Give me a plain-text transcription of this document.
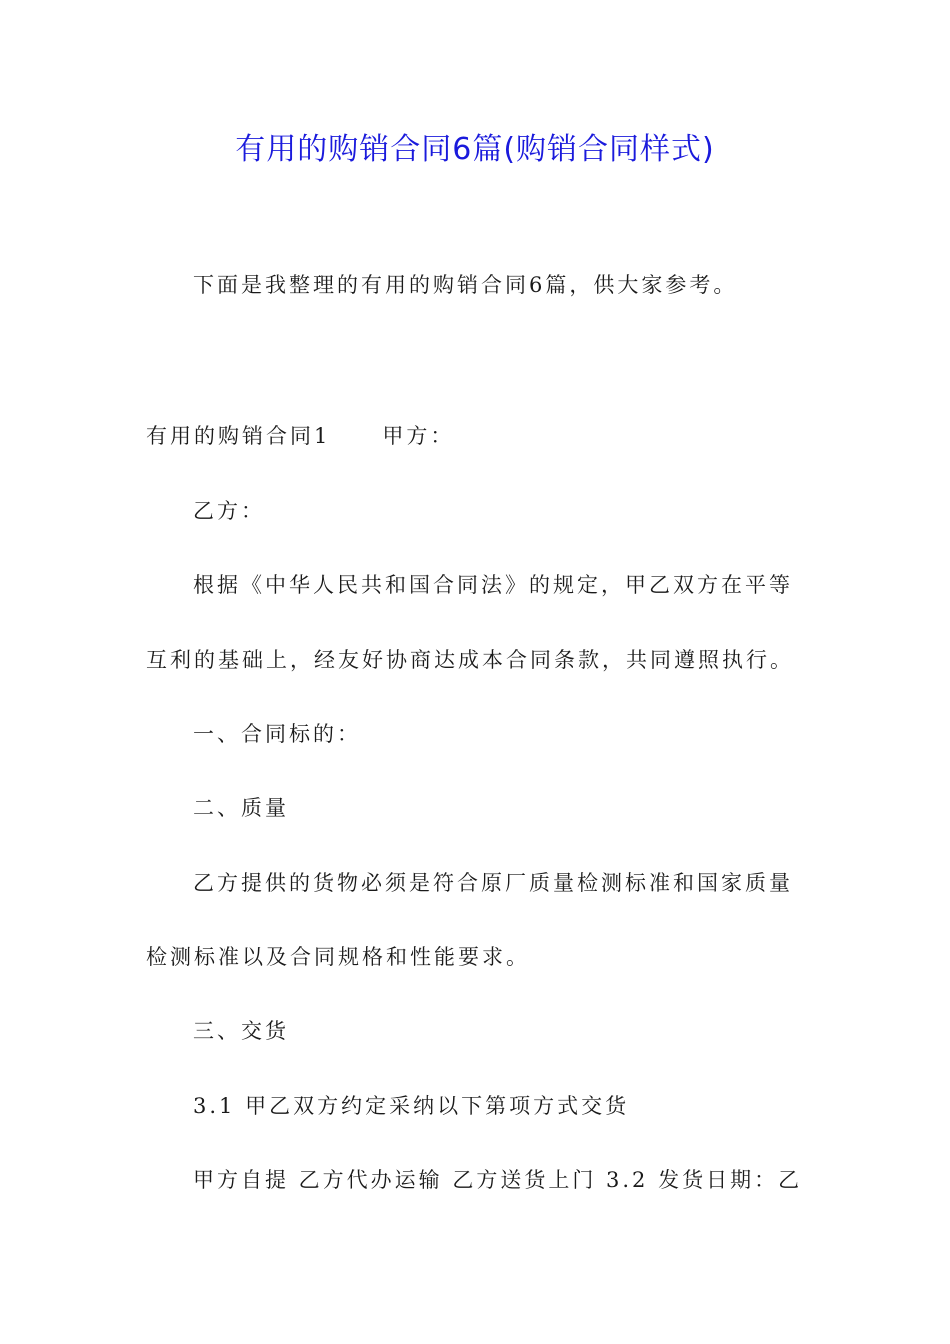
有用的购销合同6篇(购销合同样式)
下面是我整理的有用的购销合同6篇，供大家参考。
有用的购销合同1 甲方：
乙方：
根据《中华人民共和国合同法》的规定，甲乙双方在平等
互利的基础上，经友好协商达成本合同条款，共同遵照执行。
一、合同标的：
二、质量
乙方提供的货物必须是符合原厂质量检测标准和国家质量
检测标准以及合同规格和性能要求。
三、交货
3.1 甲乙双方约定采纳以下第项方式交货
甲方自提 乙方代办运输 乙方送货上门 3.2 发货日期：乙
